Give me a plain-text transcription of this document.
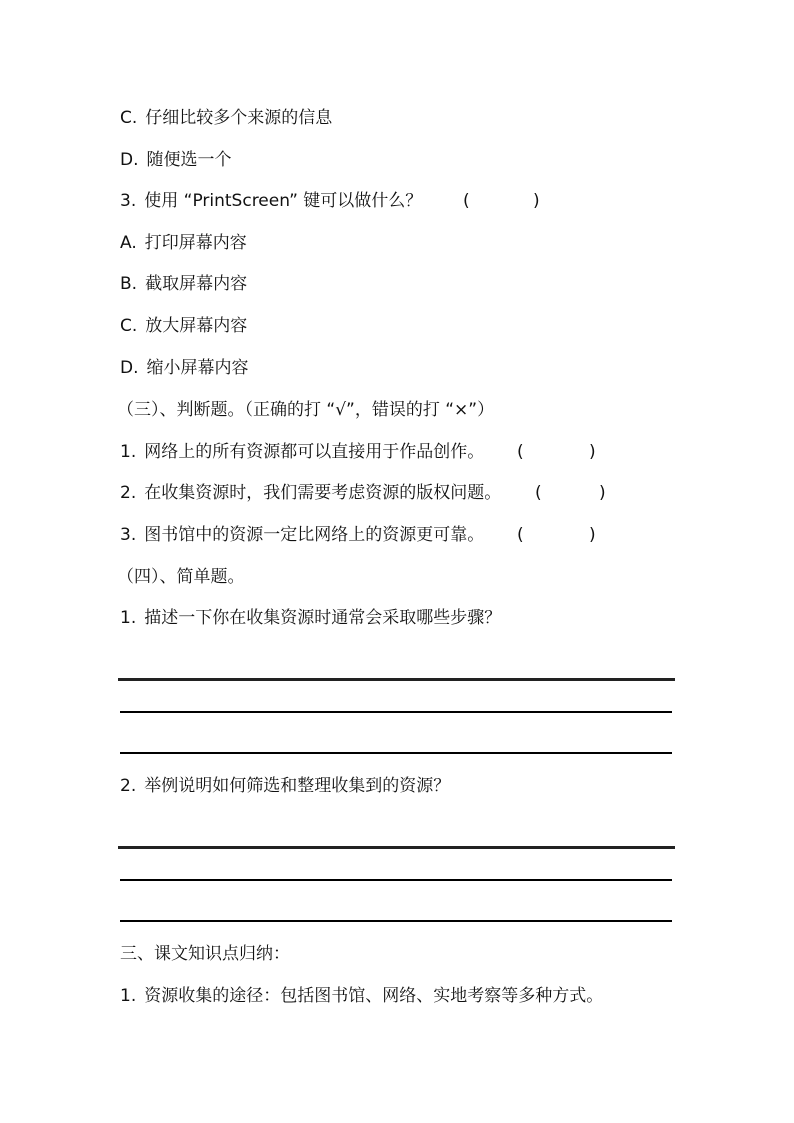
C. 仔细比较多个来源的信息
D. 随便选一个
3. 使用 “PrintScreen” 键可以做什么？ (	)
A. 打印屏幕内容
B. 截取屏幕内容
C. 放大屏幕内容
D. 缩小屏幕内容
（三）、判断题。（正确的打 “√”，错误的打 “×”）
1. 网络上的所有资源都可以直接用于作品创作。 (	)
2. 在收集资源时，我们需要考虑资源的版权问题。 (	)
3. 图书馆中的资源一定比网络上的资源更可靠。 (	)
（四）、简单题。
1. 描述一下你在收集资源时通常会采取哪些步骤？
2. 举例说明如何筛选和整理收集到的资源？
三、课文知识点归纳：
1. 资源收集的途径：包括图书馆、网络、实地考察等多种方式。
